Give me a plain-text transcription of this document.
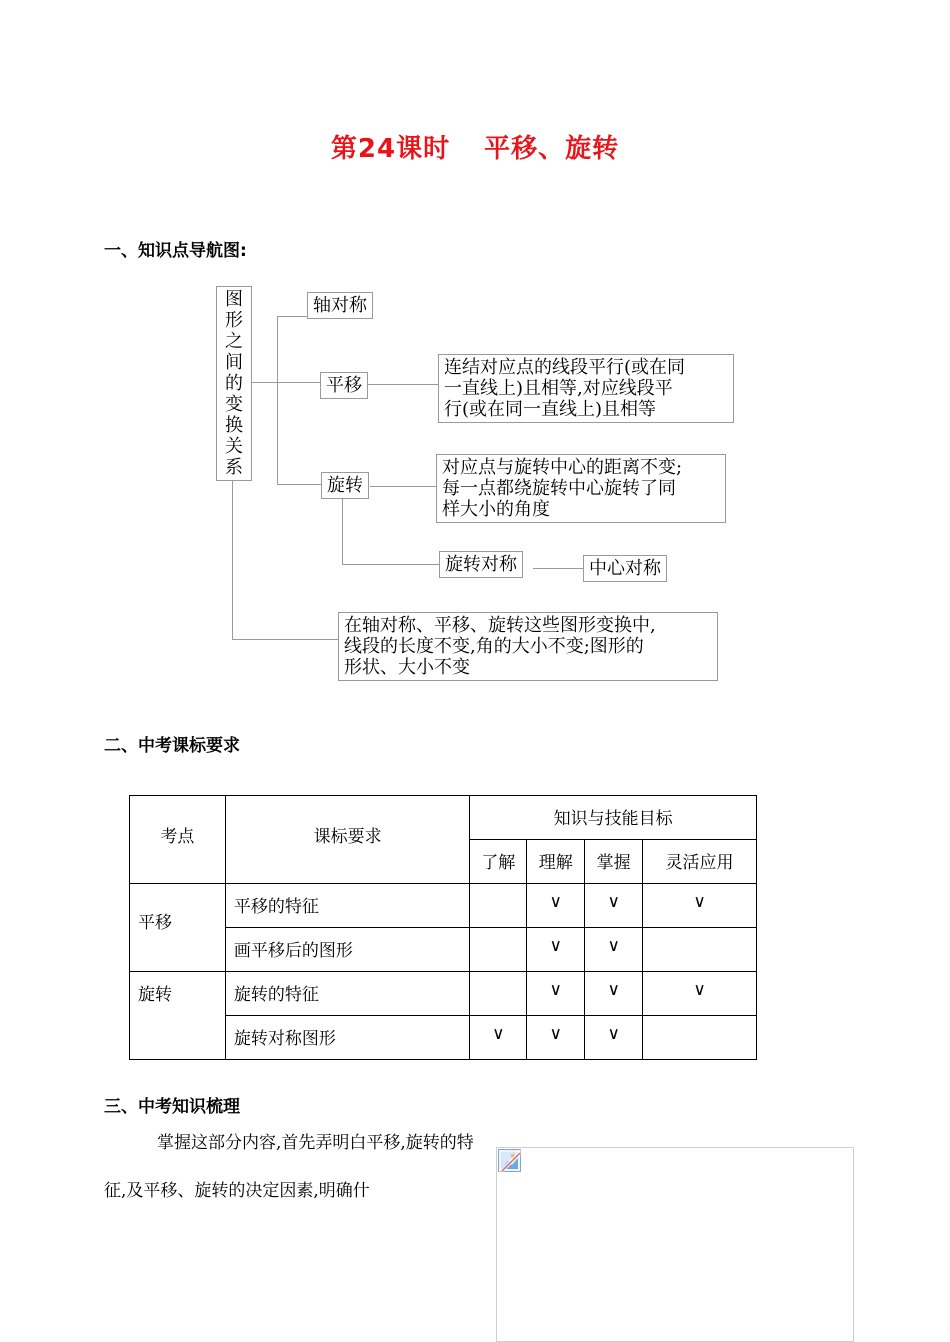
第24课时 平移、旋转
一、知识点导航图:
图形之间的变换关系
轴对称
平移
连结对应点的线段平行(或在同
一直线上)且相等,对应线段平
行(或在同一直线上)且相等
旋转
对应点与旋转中心的距离不变;
每一点都绕旋转中心旋转了同
样大小的角度
旋转对称	中心对称
在轴对称、平移、旋转这些图形变换中,
线段的长度不变,角的大小不变;图形的
形状、大小不变
二、中考课标要求
考点	课标要求	知识与技能目标			
		了解	理解	掌握	灵活应用
平移	平移的特征		∨	∨	∨
	画平移后的图形		∨	∨	
旋转	旋转的特征		∨	∨	∨
	旋转对称图形	∨	∨	∨	
三、中考知识梳理
掌握这部分内容,首先弄明白平移,旋转的特征,及平移、旋转的决定因素,明确什
